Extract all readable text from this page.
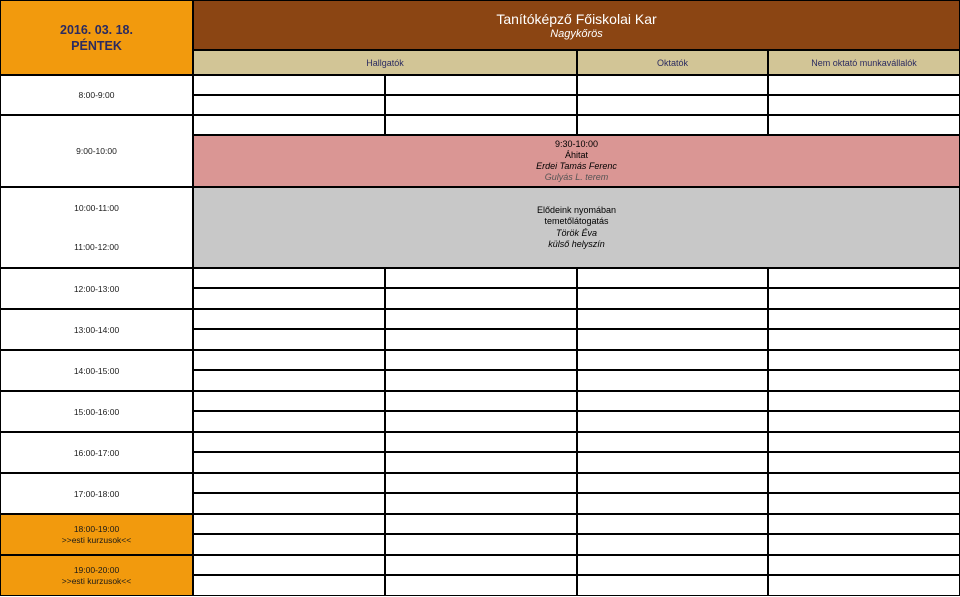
2016. 03. 18.
PÉNTEK
Tanítóképző Főiskolai Kar
Nagykőrös
Hallgatók	Oktatók	Nem oktató munkavállalók
8:00-9:00
9:00-10:00
10:00-11:00
11:00-12:00
12:00-13:00
13:00-14:00
14:00-15:00
15:00-16:00
16:00-17:00
17:00-18:00
18:00-19:00
>>esti kurzusok<<
19:00-20:00
>>esti kurzusok<<
9:30-10:00
Áhitat
Erdei Tamás Ferenc
Gulyás L. terem
Elődeink nyomában
temetőlátogatás
Török Éva
külső helyszín
